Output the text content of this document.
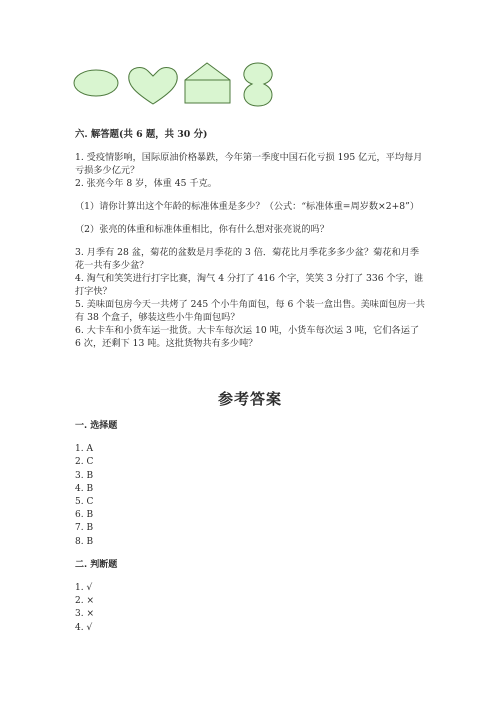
六. 解答题(共 6 题，共 30 分)

1. 受疫情影响，国际原油价格暴跌，今年第一季度中国石化亏损 195 亿元，平均每月亏损多少亿元？

2. 张亮今年 8 岁，体重 45 千克。

（1）请你计算出这个年龄的标准体重是多少？（公式：“标准体重=周岁数×2+8”）

（2）张亮的体重和标准体重相比，你有什么想对张亮说的吗？

3. 月季有 28 盆，菊花的盆数是月季花的 3 倍．菊花比月季花多多少盆？菊花和月季花一共有多少盆？

4. 淘气和笑笑进行打字比赛，淘气 4 分打了 416 个字，笑笑 3 分打了 336 个字，谁打字快？

5. 美味面包房今天一共烤了 245 个小牛角面包，每 6 个装一盒出售。美味面包房一共有 38 个盒子，够装这些小牛角面包吗？

6. 大卡车和小货车运一批货。大卡车每次运 10 吨，小货车每次运 3 吨，它们各运了 6 次，还剩下 13 吨。这批货物共有多少吨？

参考答案

一. 选择题

1. A

2. C

3. B

4. B

5. C

6. B

7. B

8. B

二. 判断题

1. √

2. ×

3. ×

4. √
